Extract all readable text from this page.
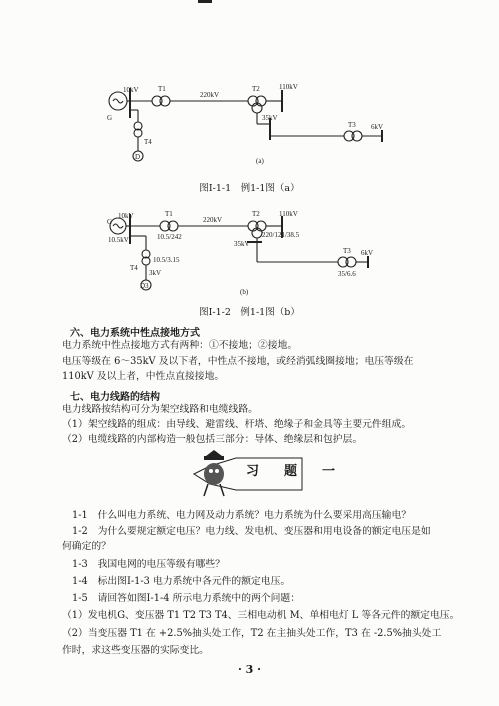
10kV	T1
220kV
T2	110kV
35kV
G
T4
D
T3 6kV
(a)
图Ⅰ-1-1　例1-1图（a）
10kV	T1
220kV
T2	110kV
G
10.5kV	10.5/242	220/121/38.5
35kV
T4
10.5/3.15
3kV
D3
T3
35/6.6
6kV
(b)
图Ⅰ-1-2　例1-1图（b）
六、电力系统中性点接地方式
电力系统中性点接地方式有两种：①不接地；②接地。
电压等级在 6～35kV 及以下者，中性点不接地，或经消弧线圈接地；电压等级在
110kV 及以上者，中性点直接接地。
七、电力线路的结构
电力线路按结构可分为架空线路和电缆线路。
（1）架空线路的组成：由导线、避雷线、杆塔、绝缘子和金具等主要元件组成。
（2）电缆线路的内部构造一般包括三部分：导体、绝缘层和包护层。
习　题　一
1-1　什么叫电力系统、电力网及动力系统？电力系统为什么要采用高压输电？
1-2　为什么要规定额定电压？电力线、发电机、变压器和用电设备的额定电压是如
何确定的？
1-3　我国电网的电压等级有哪些？
1-4　标出图Ⅰ-1-3 电力系统中各元件的额定电压。
1-5　请回答如图Ⅰ-1-4 所示电力系统中的两个问题：
（1）发电机G、变压器 T1 T2 T3 T4、三相电动机 M、单相电灯 L 等各元件的额定电压。
（2）当变压器 T1 在 +2.5%抽头处工作，T2 在主抽头处工作，T3 在 -2.5%抽头处工
作时，求这些变压器的实际变比。
· 3 ·
